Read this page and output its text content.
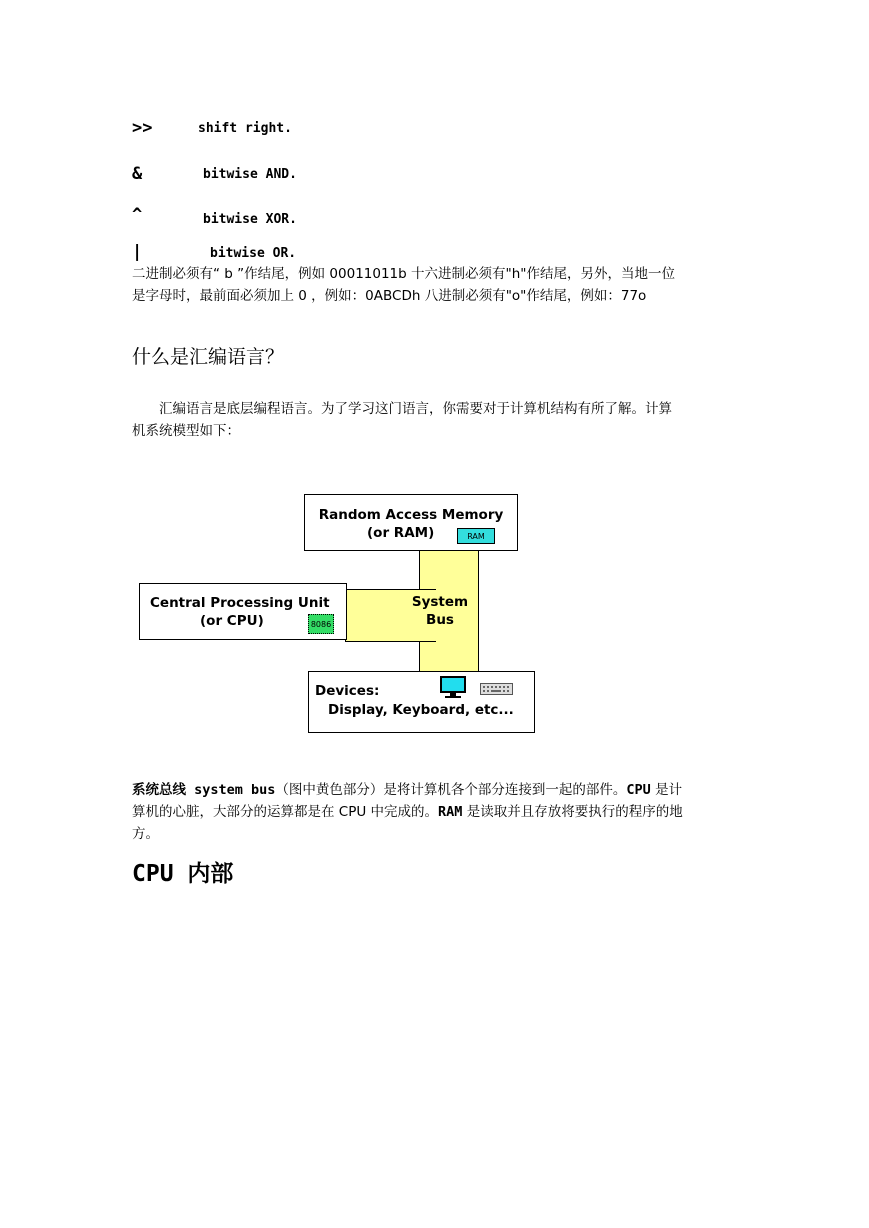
>>	shift right.
&	bitwise AND.
^	bitwise XOR.
|	bitwise OR.
二进制必须有“ b ”作结尾，例如 00011011b 十六进制必须有"h"作结尾，另外，当地一位
是字母时，最前面必须加上 0 ，例如：0ABCDh 八进制必须有"o"作结尾，例如：77o
什么是汇编语言？
汇编语言是底层编程语言。为了学习这门语言，你需要对于计算机结构有所了解。计算
机系统模型如下：
System
Bus
Random Access Memory
(or RAM)	RAM
Central Processing Unit
(or CPU)	8086
Devices:
Display, Keyboard, etc...
系统总线 system bus（图中黄色部分）是将计算机各个部分连接到一起的部件。CPU 是计
算机的心脏，大部分的运算都是在 CPU 中完成的。RAM 是读取并且存放将要执行的程序的地
方。
CPU 内部
